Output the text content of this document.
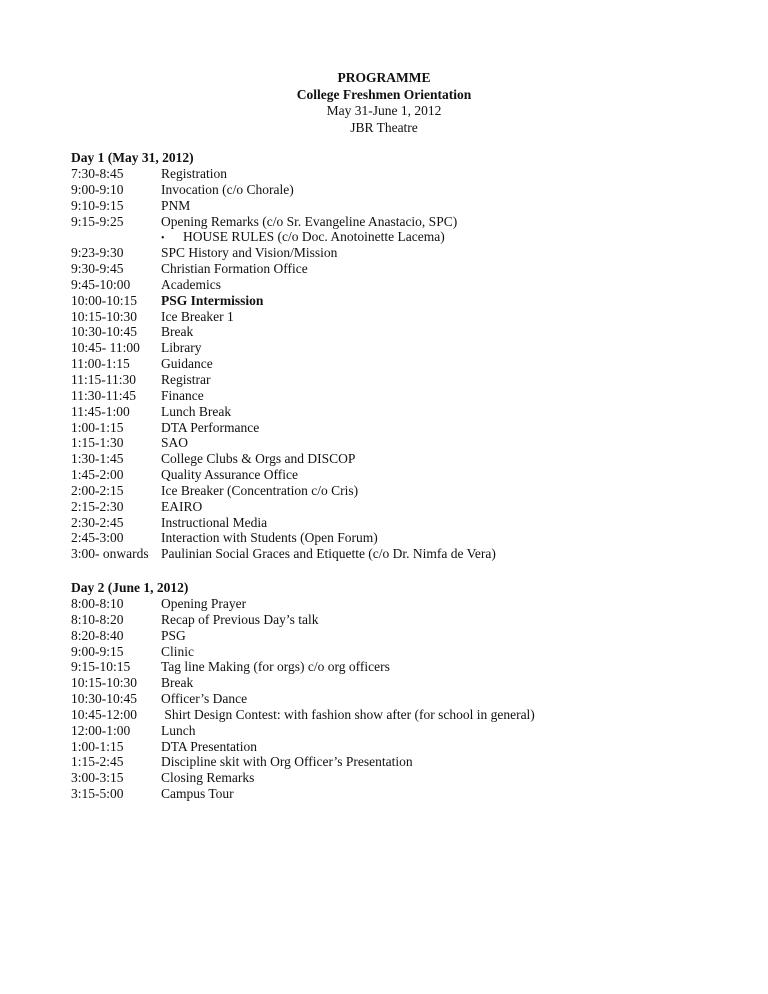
PROGRAMME
College Freshmen Orientation
May 31-June 1, 2012
JBR Theatre
Day 1 (May 31, 2012)
7:30-8:45	Registration
9:00-9:10	Invocation (c/o Chorale)
9:10-9:15	PNM
9:15-9:25	Opening Remarks (c/o Sr. Evangeline Anastacio, SPC)
• HOUSE RULES (c/o Doc. Anotoinette Lacema)
9:23-9:30	SPC History and Vision/Mission
9:30-9:45	Christian Formation Office
9:45-10:00	Academics
10:00-10:15	PSG Intermission
10:15-10:30	Ice Breaker 1
10:30-10:45	Break
10:45- 11:00	Library
11:00-1:15	Guidance
11:15-11:30	Registrar
11:30-11:45	Finance
11:45-1:00	Lunch Break
1:00-1:15	DTA Performance
1:15-1:30	SAO
1:30-1:45	College Clubs & Orgs and DISCOP
1:45-2:00	Quality Assurance Office
2:00-2:15	Ice Breaker (Concentration c/o Cris)
2:15-2:30	EAIRO
2:30-2:45	Instructional Media
2:45-3:00	Interaction with Students (Open Forum)
3:00- onwards Paulinian Social Graces and Etiquette (c/o Dr. Nimfa de Vera)
Day 2 (June 1, 2012)
8:00-8:10	Opening Prayer
8:10-8:20	Recap of Previous Day’s talk
8:20-8:40	PSG
9:00-9:15	Clinic
9:15-10:15	Tag line Making (for orgs) c/o org officers
10:15-10:30	Break
10:30-10:45	Officer’s Dance
10:45-12:00	Shirt Design Contest: with fashion show after (for school in general)
12:00-1:00	Lunch
1:00-1:15	DTA Presentation
1:15-2:45	Discipline skit with Org Officer’s Presentation
3:00-3:15	Closing Remarks
3:15-5:00	Campus Tour
